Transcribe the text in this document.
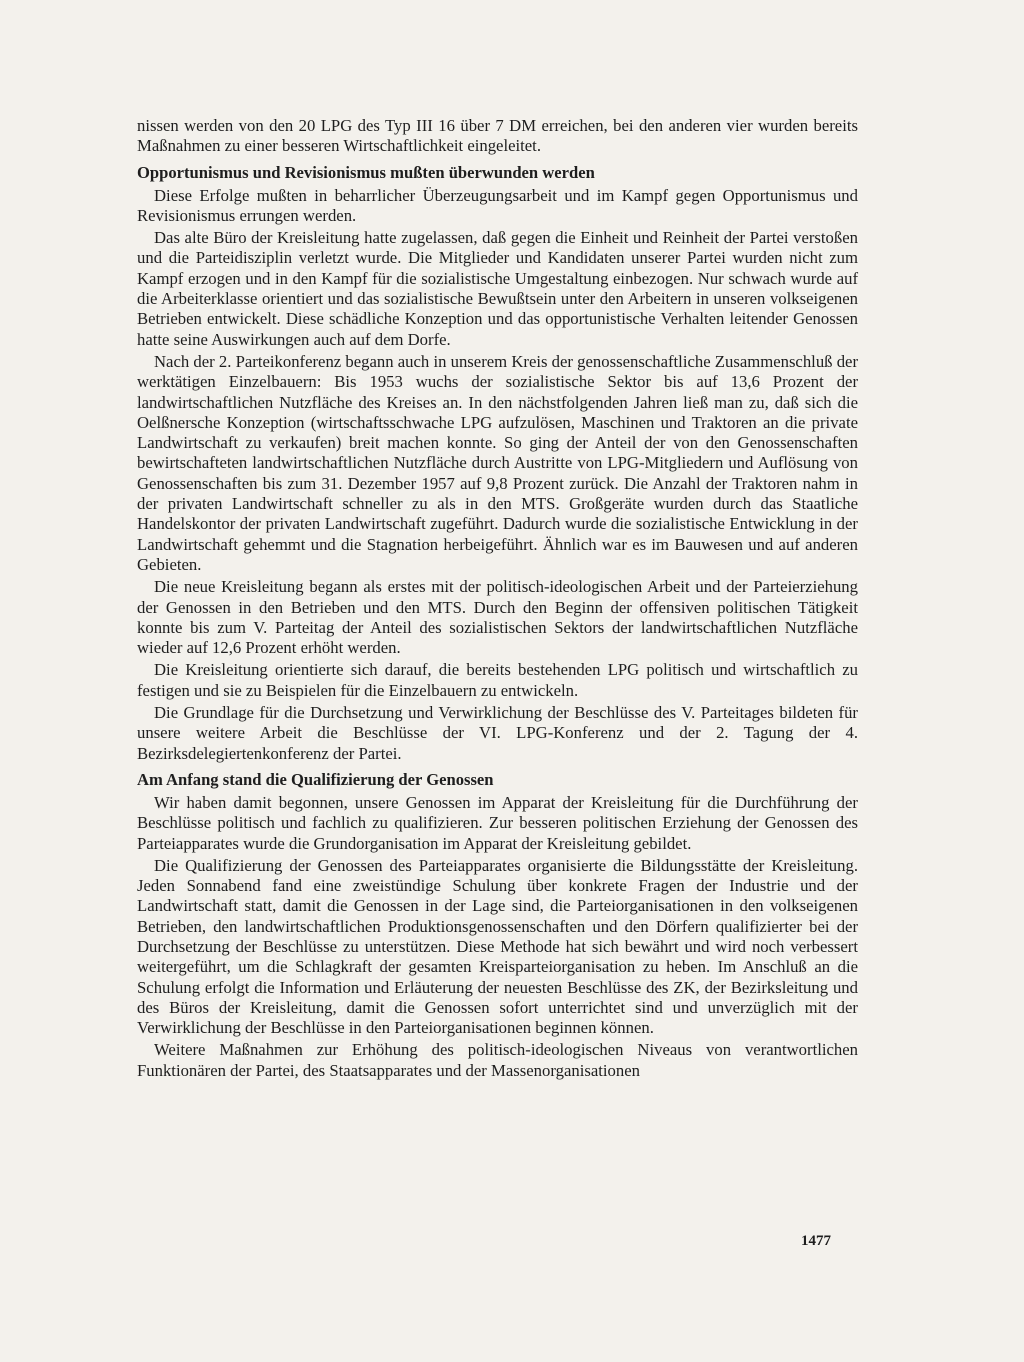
nissen werden von den 20 LPG des Typ III 16 über 7 DM erreichen, bei den anderen vier wurden bereits Maßnahmen zu einer besseren Wirtschaftlichkeit eingeleitet.

Opportunismus und Revisionismus mußten überwunden werden

Diese Erfolge mußten in beharrlicher Überzeugungsarbeit und im Kampf gegen Opportunismus und Revisionismus errungen werden.

Das alte Büro der Kreisleitung hatte zugelassen, daß gegen die Einheit und Reinheit der Partei verstoßen und die Parteidisziplin verletzt wurde. Die Mitglieder und Kandidaten unserer Partei wurden nicht zum Kampf erzogen und in den Kampf für die sozialistische Umgestaltung einbezogen. Nur schwach wurde auf die Arbeiterklasse orientiert und das sozialistische Bewußtsein unter den Arbeitern in unseren volkseigenen Betrieben entwickelt. Diese schädliche Konzeption und das opportunistische Verhalten leitender Genossen hatte seine Auswirkungen auch auf dem Dorfe.

Nach der 2. Parteikonferenz begann auch in unserem Kreis der genossenschaftliche Zusammenschluß der werktätigen Einzelbauern: Bis 1953 wuchs der sozialistische Sektor bis auf 13,6 Prozent der landwirtschaftlichen Nutzfläche des Kreises an. In den nächstfolgenden Jahren ließ man zu, daß sich die Oelßnersche Konzeption (wirtschaftsschwache LPG aufzulösen, Maschinen und Traktoren an die private Landwirtschaft zu verkaufen) breit machen konnte. So ging der Anteil der von den Genossenschaften bewirtschafteten landwirtschaftlichen Nutzfläche durch Austritte von LPG-Mitgliedern und Auflösung von Genossenschaften bis zum 31. Dezember 1957 auf 9,8 Prozent zurück. Die Anzahl der Traktoren nahm in der privaten Landwirtschaft schneller zu als in den MTS. Großgeräte wurden durch das Staatliche Handelskontor der privaten Landwirtschaft zugeführt. Dadurch wurde die sozialistische Entwicklung in der Landwirtschaft gehemmt und die Stagnation herbeigeführt. Ähnlich war es im Bauwesen und auf anderen Gebieten.

Die neue Kreisleitung begann als erstes mit der politisch-ideologischen Arbeit und der Parteierziehung der Genossen in den Betrieben und den MTS. Durch den Beginn der offensiven politischen Tätigkeit konnte bis zum V. Parteitag der Anteil des sozialistischen Sektors der landwirtschaftlichen Nutzfläche wieder auf 12,6 Prozent erhöht werden.

Die Kreisleitung orientierte sich darauf, die bereits bestehenden LPG politisch und wirtschaftlich zu festigen und sie zu Beispielen für die Einzelbauern zu entwickeln.

Die Grundlage für die Durchsetzung und Verwirklichung der Beschlüsse des V. Parteitages bildeten für unsere weitere Arbeit die Beschlüsse der VI. LPG-Konferenz und der 2. Tagung der 4. Bezirksdelegiertenkonferenz der Partei.

Am Anfang stand die Qualifizierung der Genossen

Wir haben damit begonnen, unsere Genossen im Apparat der Kreisleitung für die Durchführung der Beschlüsse politisch und fachlich zu qualifizieren. Zur besseren politischen Erziehung der Genossen des Parteiapparates wurde die Grundorganisation im Apparat der Kreisleitung gebildet.

Die Qualifizierung der Genossen des Parteiapparates organisierte die Bildungsstätte der Kreisleitung. Jeden Sonnabend fand eine zweistündige Schulung über konkrete Fragen der Industrie und der Landwirtschaft statt, damit die Genossen in der Lage sind, die Parteiorganisationen in den volkseigenen Betrieben, den landwirtschaftlichen Produktionsgenossenschaften und den Dörfern qualifizierter bei der Durchsetzung der Beschlüsse zu unterstützen. Diese Methode hat sich bewährt und wird noch verbessert weitergeführt, um die Schlagkraft der gesamten Kreisparteiorganisation zu heben. Im Anschluß an die Schulung erfolgt die Information und Erläuterung der neuesten Beschlüsse des ZK, der Bezirksleitung und des Büros der Kreisleitung, damit die Genossen sofort unterrichtet sind und unverzüglich mit der Verwirklichung der Beschlüsse in den Parteiorganisationen beginnen können.

Weitere Maßnahmen zur Erhöhung des politisch-ideologischen Niveaus von verantwortlichen Funktionären der Partei, des Staatsapparates und der Massenorganisationen

1477
